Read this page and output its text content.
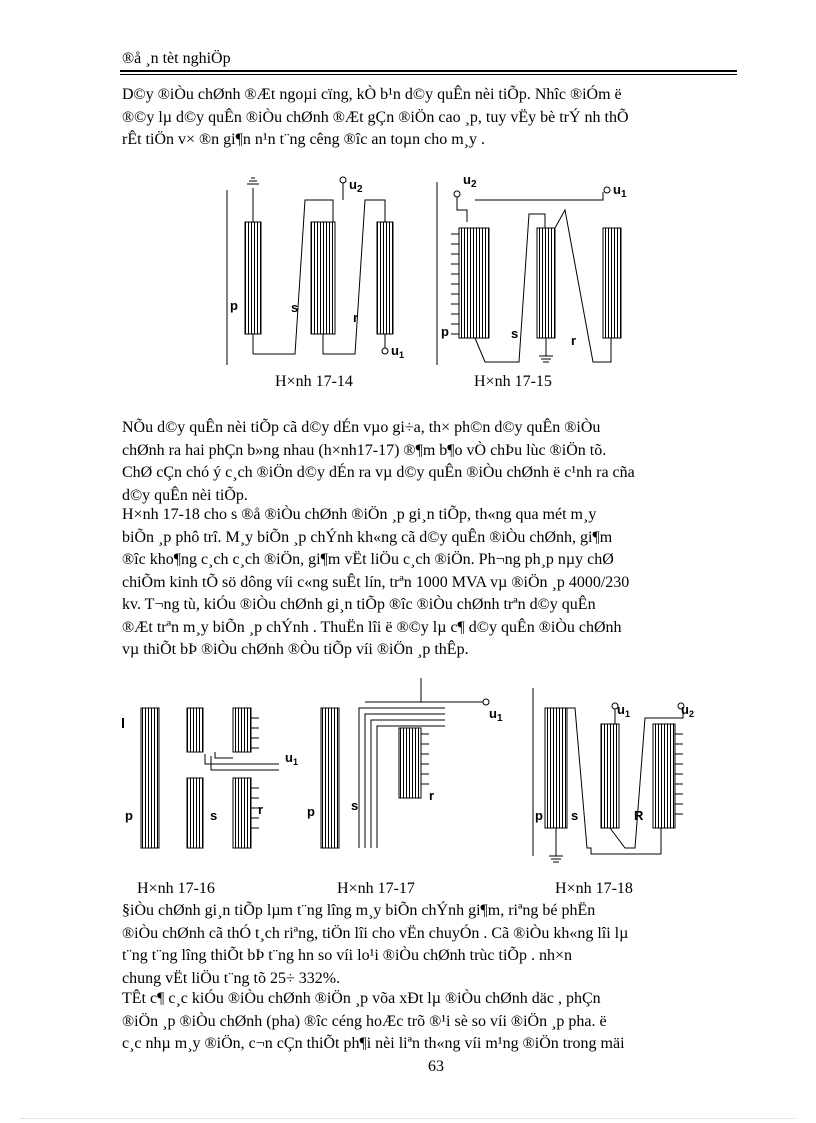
®å ¸n tèt nghiÖp
D©y ®iÒu chØnh ®Æt ngoµi cïng, kÒ b¹n d©y quÊn nèi tiÕp. Nhîc ®iÓm ë
®©y lµ d©y quÊn ®iÒu chØnh ®Æt gÇn ®iÖn cao ¸p, tuy vËy bè trÝ nh thÕ
rÊt tiÖn v× ®n gi¶n n¹n t¨ng cêng ®îc an toµn cho m¸y .
p	s
r
$u_2$
$u_1$
$u_2$	$u_1$
p	s	r
H×nh 17-14	H×nh 17-15
NÕu d©y quÊn nèi tiÕp cã d©y dÉn vµo gi÷a, th× ph©n d©y quÊn ®iÒu
chØnh ra hai phÇn b»ng nhau (h×nh17-17) ®¶m b¶o vÒ chÞu lùc ®iÖn tõ.
ChØ cÇn chó ý c¸ch ®iÖn d©y dÉn ra vµ d©y quÊn ®iÒu chØnh ë c¹nh ra cña
d©y quÊn nèi tiÕp.
H×nh 17-18 cho s ®å ®iÒu chØnh ®iÖn ¸p gi¸n tiÕp, th«ng qua mét m¸y
biÕn ¸p phô trî. M¸y biÕn ¸p chÝnh kh«ng cã d©y quÊn ®iÒu chØnh, gi¶m
®îc kho¶ng c¸ch c¸ch ®iÖn, gi¶m vËt liÖu c¸ch ®iÖn. Ph¬ng ph¸p nµy chØ
chiÕm kinh tÕ sö dông víi c«ng suÊt lín, trªn 1000 MVA vµ ®iÖn ¸p 4000/230
kv. T¬ng tù, kiÓu ®iÒu chØnh gi¸n tiÕp ®îc ®iÒu chØnh trªn d©y quÊn
®Æt trªn m¸y biÕn ¸p chÝnh . ThuËn lîi ë ®©y lµ c¶ d©y quÊn ®iÒu chØnh
vµ thiÕt bÞ ®iÒu chØnh ®Òu tiÕp víi ®iÖn ¸p thÊp.
p	s	r
$u_1$
p	s
r
$u_1$
p s	R
$u_1$	$u_2$
H×nh 17-16	H×nh 17-17	H×nh 17-18
§iÒu chØnh gi¸n tiÕp lµm t¨ng lîng m¸y biÕn chÝnh gi¶m, riªng bé phËn
®iÒu chØnh cã thÓ t¸ch riªng, tiÖn lîi cho vËn chuyÓn . Cã ®iÒu kh«ng lîi lµ
t¨ng t¨ng lîng thiÕt bÞ t¨ng hn so víi lo¹i ®iÒu chØnh trùc tiÕp . nh×n
chung vËt liÖu t¨ng tõ 25÷ 332%.
TÊt c¶ c¸c kiÓu ®iÒu chØnh ®iÖn ¸p võa xÐt lµ ®iÒu chØnh däc , phÇn
®iÖn ¸p ®iÒu chØnh (pha) ®îc céng hoÆc trõ ®¹i sè so víi ®iÖn ¸p pha. ë
c¸c nhµ m¸y ®iÖn, c¬n cÇn thiÕt ph¶i nèi liªn th«ng víi m¹ng ®iÖn trong mäi
63
